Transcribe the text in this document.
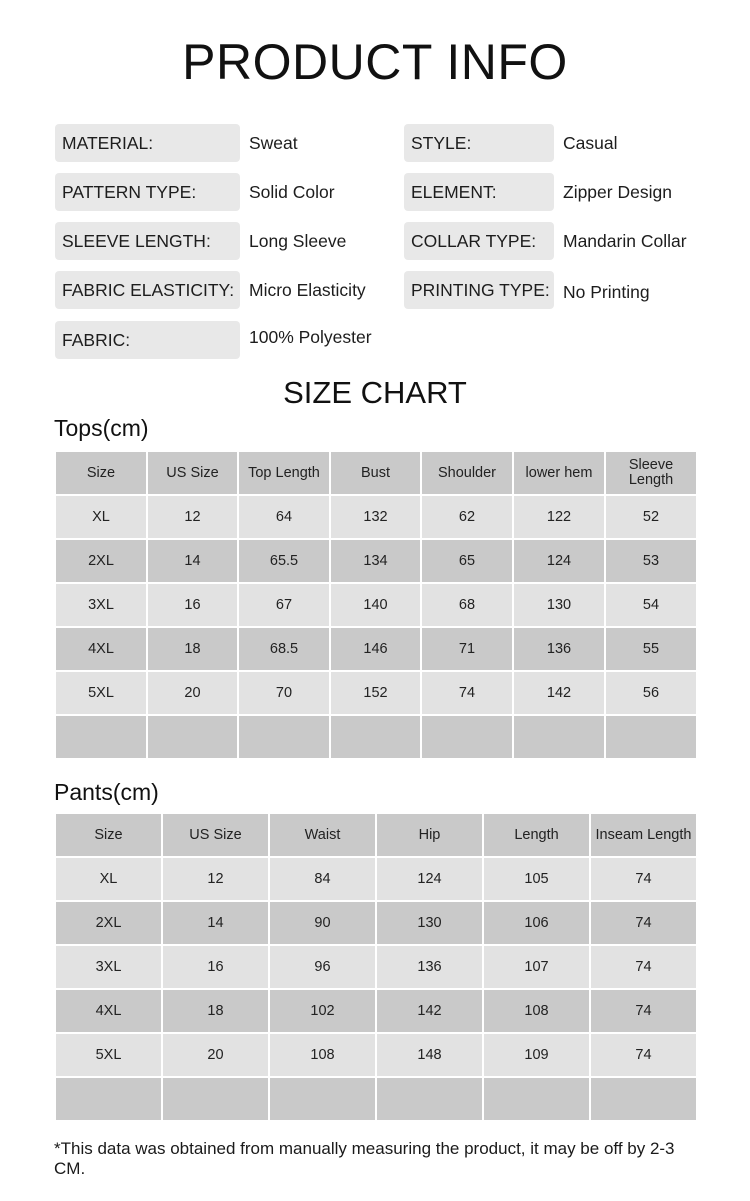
PRODUCT INFO
MATERIAL:	Sweat	STYLE:	Casual
PATTERN TYPE:	Solid Color	ELEMENT:	Zipper Design
SLEEVE LENGTH:	Long Sleeve	COLLAR TYPE:	Mandarin Collar
FABRIC ELASTICITY: Micro Elasticity	PRINTING TYPE: No Printing
FABRIC:	100% Polyester
SIZE CHART
Tops(cm)
Size	US Size	Top Length	Bust	Shoulder	lower hem	Sleeve Length
XL	12	64	132	62	122	52
2XL	14	65.5	134	65	124	53
3XL	16	67	140	68	130	54
4XL	18	68.5	146	71	136	55
5XL	20	70	152	74	142	56

Pants(cm)
Size	US Size	Waist	Hip	Length	Inseam Length
XL	12	84	124	105	74
2XL	14	90	130	106	74
3XL	16	96	136	107	74
4XL	18	102	142	108	74
5XL	20	108	148	109	74

*This data was obtained from manually measuring the product, it may be off by 2-3 CM.
